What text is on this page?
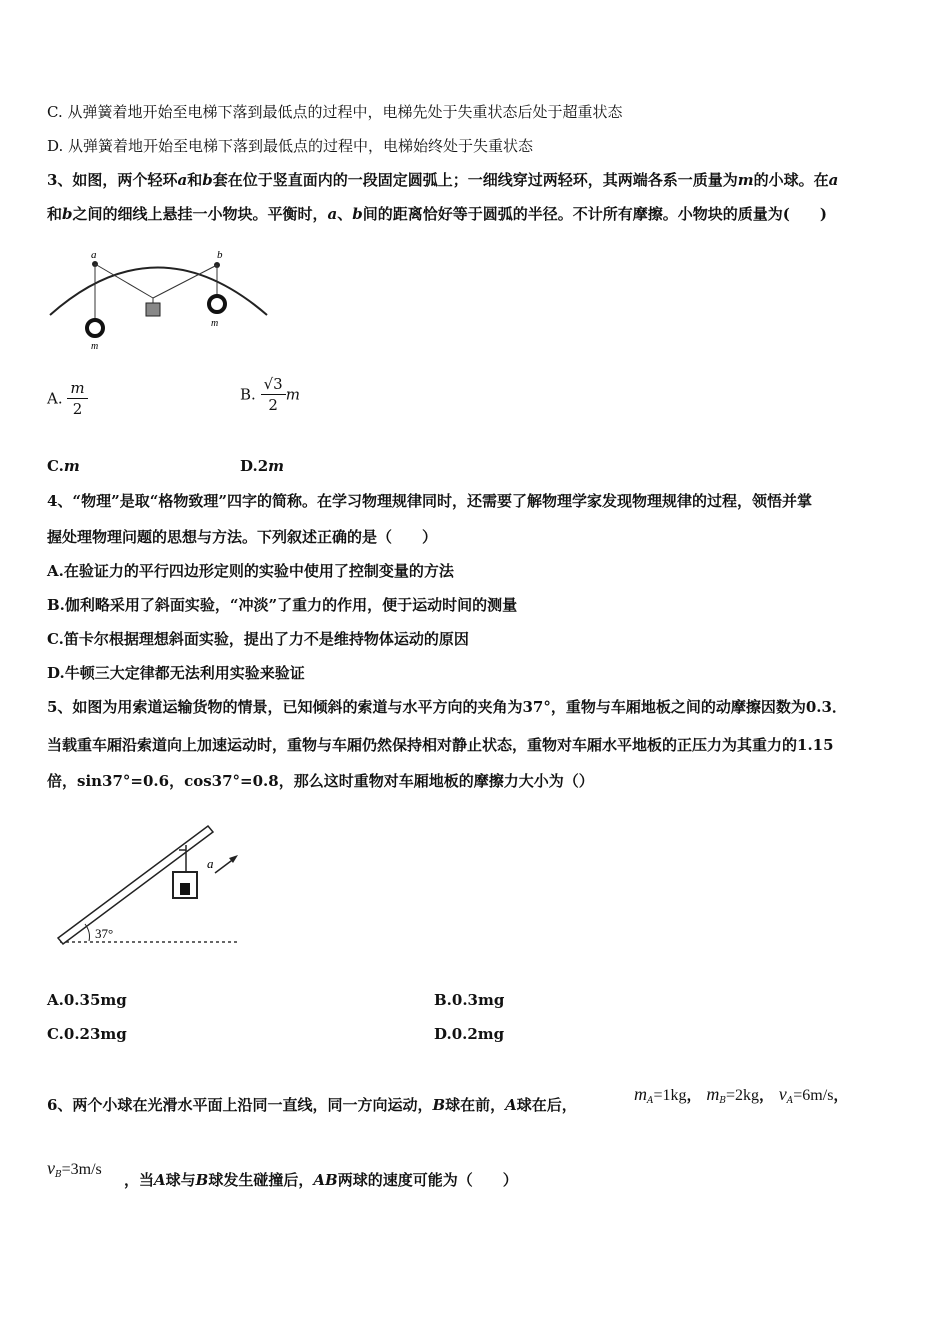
C. 从弹簧着地开始至电梯下落到最低点的过程中，电梯先处于失重状态后处于超重状态
D. 从弹簧着地开始至电梯下落到最低点的过程中，电梯始终处于失重状态
3、如图，两个轻环a和b套在位于竖直面内的一段固定圆弧上；一细线穿过两轻环，其两端各系一质量为m的小球。在a
和b之间的细线上悬挂一小物块。平衡时，a、b间的距离恰好等于圆弧的半径。不计所有摩擦。小物块的质量为(　　)
a	b
m
m
A. $\frac{m}{2}$	B. $\frac{√3}{2}$ m
C.m	D.2m
4、“物理”是取“格物致理”四字的简称。在学习物理规律同时，还需要了解物理学家发现物理规律的过程，领悟并掌
握处理物理问题的思想与方法。下列叙述正确的是（　　）
A.在验证力的平行四边形定则的实验中使用了控制变量的方法
B.伽利略采用了斜面实验，“冲淡”了重力的作用，便于运动时间的测量
C.笛卡尔根据理想斜面实验，提出了力不是维持物体运动的原因
D.牛顿三大定律都无法利用实验来验证
5、如图为用索道运输货物的情景，已知倾斜的索道与水平方向的夹角为37°，重物与车厢地板之间的动摩擦因数为0.3．
当载重车厢沿索道向上加速运动时，重物与车厢仍然保持相对静止状态，重物对车厢水平地板的正压力为其重力的1.15
倍，sin37°=0.6，cos37°=0.8，那么这时重物对车厢地板的摩擦力大小为（）
a
37°
A.0.35mg	B.0.3mg
C.0.23mg	D.0.2mg
6、两个小球在光滑水平面上沿同一直线，同一方向运动，B球在前，A球在后，
$m_A=1kg$， $m_B=2kg$， $v_A=6m/s$，
$v_B=3m/s$
，当A球与B球发生碰撞后，AB两球的速度可能为（　　）
